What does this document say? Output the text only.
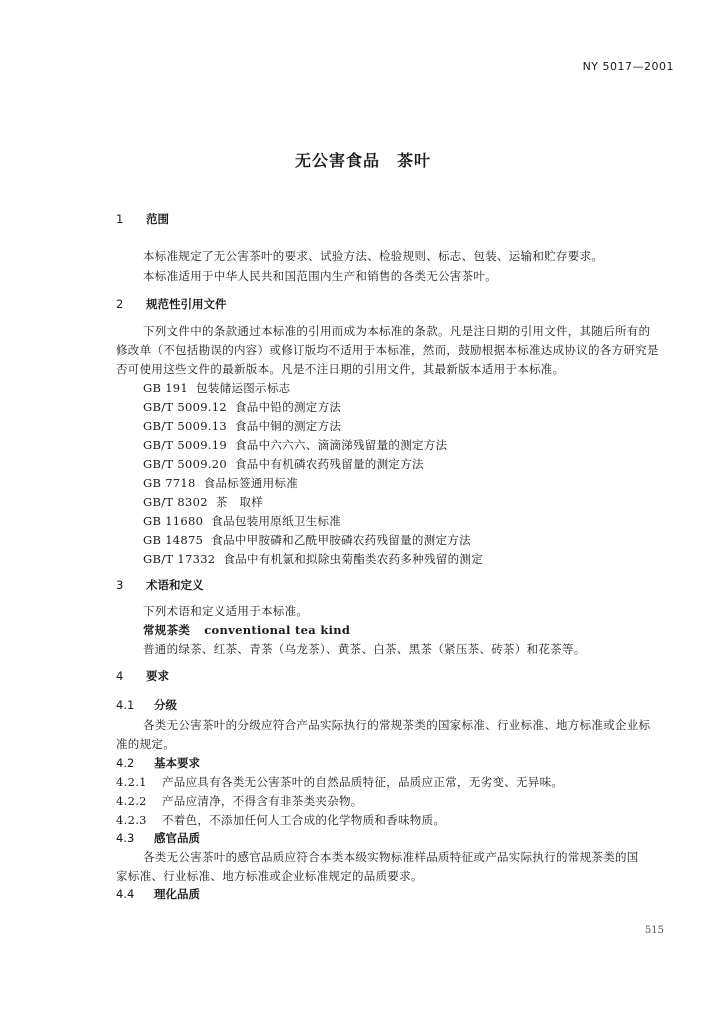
NY 5017—2001
无公害食品　茶叶
1 范围
本标准规定了无公害茶叶的要求、试验方法、检验规则、标志、包装、运输和贮存要求。
本标准适用于中华人民共和国范围内生产和销售的各类无公害茶叶。
2 规范性引用文件
下列文件中的条款通过本标准的引用而成为本标准的条款。凡是注日期的引用文件，其随后所有的
修改单（不包括勘误的内容）或修订版均不适用于本标准，然而，鼓励根据本标准达成协议的各方研究是
否可使用这些文件的最新版本。凡是不注日期的引用文件，其最新版本适用于本标准。
GB 191 包装储运图示标志
GB/T 5009.12 食品中铅的测定方法
GB/T 5009.13 食品中铜的测定方法
GB/T 5009.19 食品中六六六、滴滴涕残留量的测定方法
GB/T 5009.20 食品中有机磷农药残留量的测定方法
GB 7718 食品标签通用标准
GB/T 8302 茶　取样
GB 11680 食品包装用原纸卫生标准
GB 14875 食品中甲胺磷和乙酰甲胺磷农药残留量的测定方法
GB/T 17332 食品中有机氯和拟除虫菊酯类农药多种残留的测定
3 术语和定义
下列术语和定义适用于本标准。
常规茶类 conventional tea kind
普通的绿茶、红茶、青茶（乌龙茶）、黄茶、白茶、黑茶（紧压茶、砖茶）和花茶等。
4 要求
4.1 分级
各类无公害茶叶的分级应符合产品实际执行的常规茶类的国家标准、行业标准、地方标准或企业标
准的规定。
4.2 基本要求
4.2.1 产品应具有各类无公害茶叶的自然品质特征，品质应正常，无劣变、无异味。
4.2.2 产品应清净，不得含有非茶类夹杂物。
4.2.3 不着色，不添加任何人工合成的化学物质和香味物质。
4.3 感官品质
各类无公害茶叶的感官品质应符合本类本级实物标准样品质特征或产品实际执行的常规茶类的国
家标准、行业标准、地方标准或企业标准规定的品质要求。
4.4 理化品质
515
